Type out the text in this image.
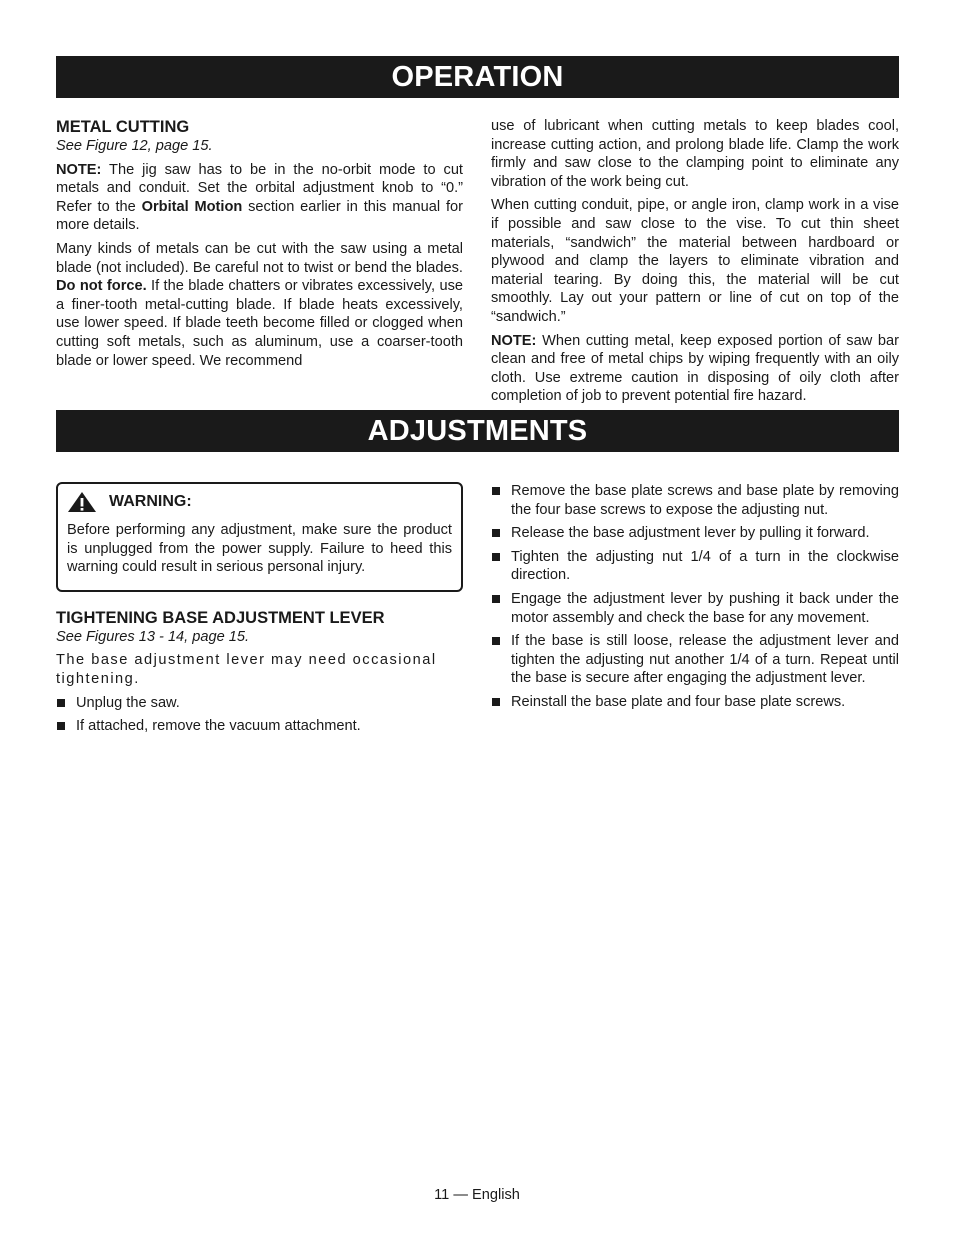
OPERATION
METAL CUTTING
See Figure 12, page 15.

NOTE: The jig saw has to be in the no-orbit mode to cut metals and conduit. Set the orbital adjustment knob to “0.” Refer to the Orbital Motion section earlier in this manual for more details.

Many kinds of metals can be cut with the saw using a metal blade (not included). Be careful not to twist or bend the blades. Do not force. If the blade chatters or vibrates excessively, use a finer-tooth metal-cutting blade. If blade heats excessively, use lower speed. If blade teeth become filled or clogged when cutting soft metals, such as aluminum, use a coarser-tooth blade or lower speed. We recommend

use of lubricant when cutting metals to keep blades cool, increase cutting action, and prolong blade life. Clamp the work firmly and saw close to the clamping point to eliminate any vibration of the work being cut.

When cutting conduit, pipe, or angle iron, clamp work in a vise if possible and saw close to the vise. To cut thin sheet materials, “sandwich” the material between hardboard or plywood and clamp the layers to eliminate vibration and material tearing. By doing this, the material will be cut smoothly. Lay out your pattern or line of cut on top of the “sandwich.”

NOTE: When cutting metal, keep exposed portion of saw bar clean and free of metal chips by wiping frequently with an oily cloth. Use extreme caution in disposing of oily cloth after completion of job to prevent potential fire hazard.

ADJUSTMENTS
WARNING:

Before performing any adjustment, make sure the product is unplugged from the power supply. Failure to heed this warning could result in serious personal injury.

TIGHTENING BASE ADJUSTMENT LEVER
See Figures 13 - 14, page 15.

The base adjustment lever may need occasional tightening.

Unplug the saw.
If attached, remove the vacuum attachment.
Remove the base plate screws and base plate by removing the four base screws to expose the adjusting nut.
Release the base adjustment lever by pulling it forward.
Tighten the adjusting nut 1/4 of a turn in the clockwise direction.
Engage the adjustment lever by pushing it back under the motor assembly and check the base for any movement.
If the base is still loose, release the adjustment lever and tighten the adjusting nut another 1/4 of a turn. Repeat until the base is secure after engaging the adjustment lever.
Reinstall the base plate and four base plate screws.
11 — English
